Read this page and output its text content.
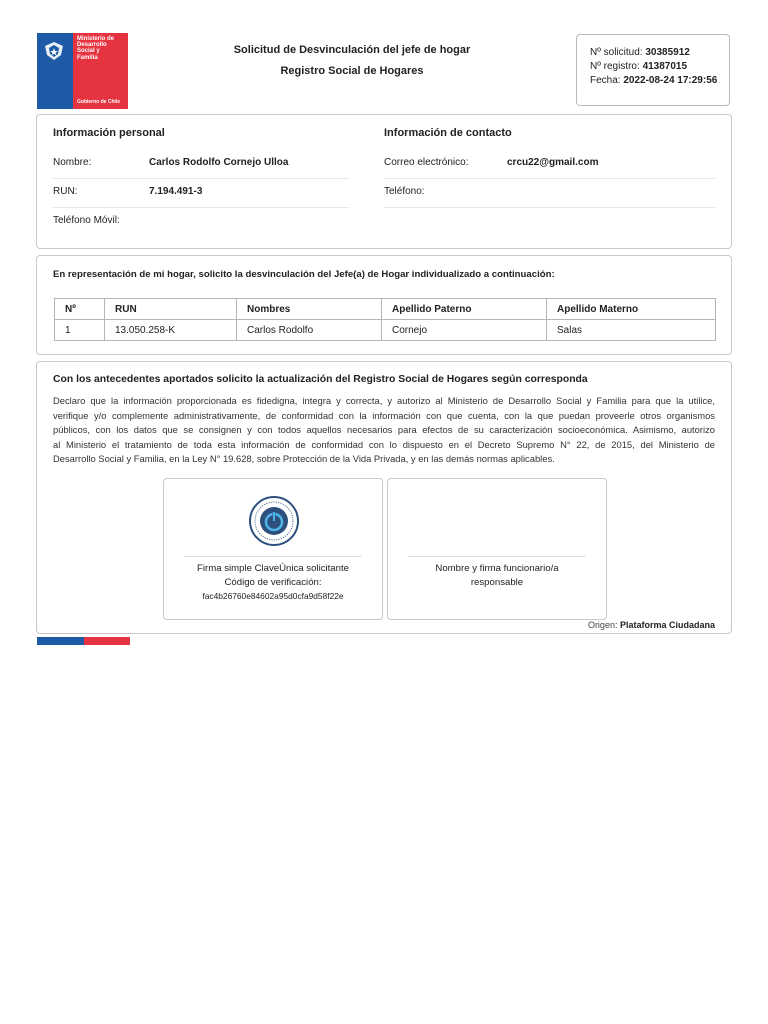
Ministerio de
Desarrollo
Social y
Familia
Gobierno de Chile
Solicitud de Desvinculación del jefe de hogar
Registro Social de Hogares
Nº solicitud: 30385912
Nº registro: 41387015
Fecha: 2022-08-24 17:29:56
Información personal	Información de contacto
Nombre:	Carlos Rodolfo Cornejo Ulloa	Correo electrónico:	crcu22@gmail.com
RUN:	7.194.491-3	Teléfono:
Teléfono Móvil:
En representación de mi hogar, solicito la desvinculación del Jefe(a) de Hogar individualizado a continuación:
Nº	RUN	Nombres	Apellido Paterno	Apellido Materno
1	13.050.258-K	Carlos Rodolfo	Cornejo	Salas
Con los antecedentes aportados solicito la actualización del Registro Social de Hogares según corresponda
Declaro que la información proporcionada es fidedigna, integra y correcta, y autorizo al Ministerio de Desarrollo Social y Familia para que la utilice,
verifique y/o complemente administrativamente, de conformidad con la información con que cuenta, con la que puedan proveerle otros organismos
públicos, con los datos que se consignen y con todos aquellos necesarios para efectos de su caracterización socioeconómica. Asimismo, autorizo
al Ministerio el tratamiento de toda esta información de conformidad con lo dispuesto en el Decreto Supremo N° 22, de 2015, del Ministerio de
Desarrollo Social y Familia, en la Ley N° 19.628, sobre Protección de la Vida Privada, y en las demás normas aplicables.
Firma simple ClaveÚnica solicitante
Código de verificación:
fac4b26760e84602a95d0cfa9d58f22e
Nombre y firma funcionario/a
responsable
Origen: Plataforma Ciudadana
